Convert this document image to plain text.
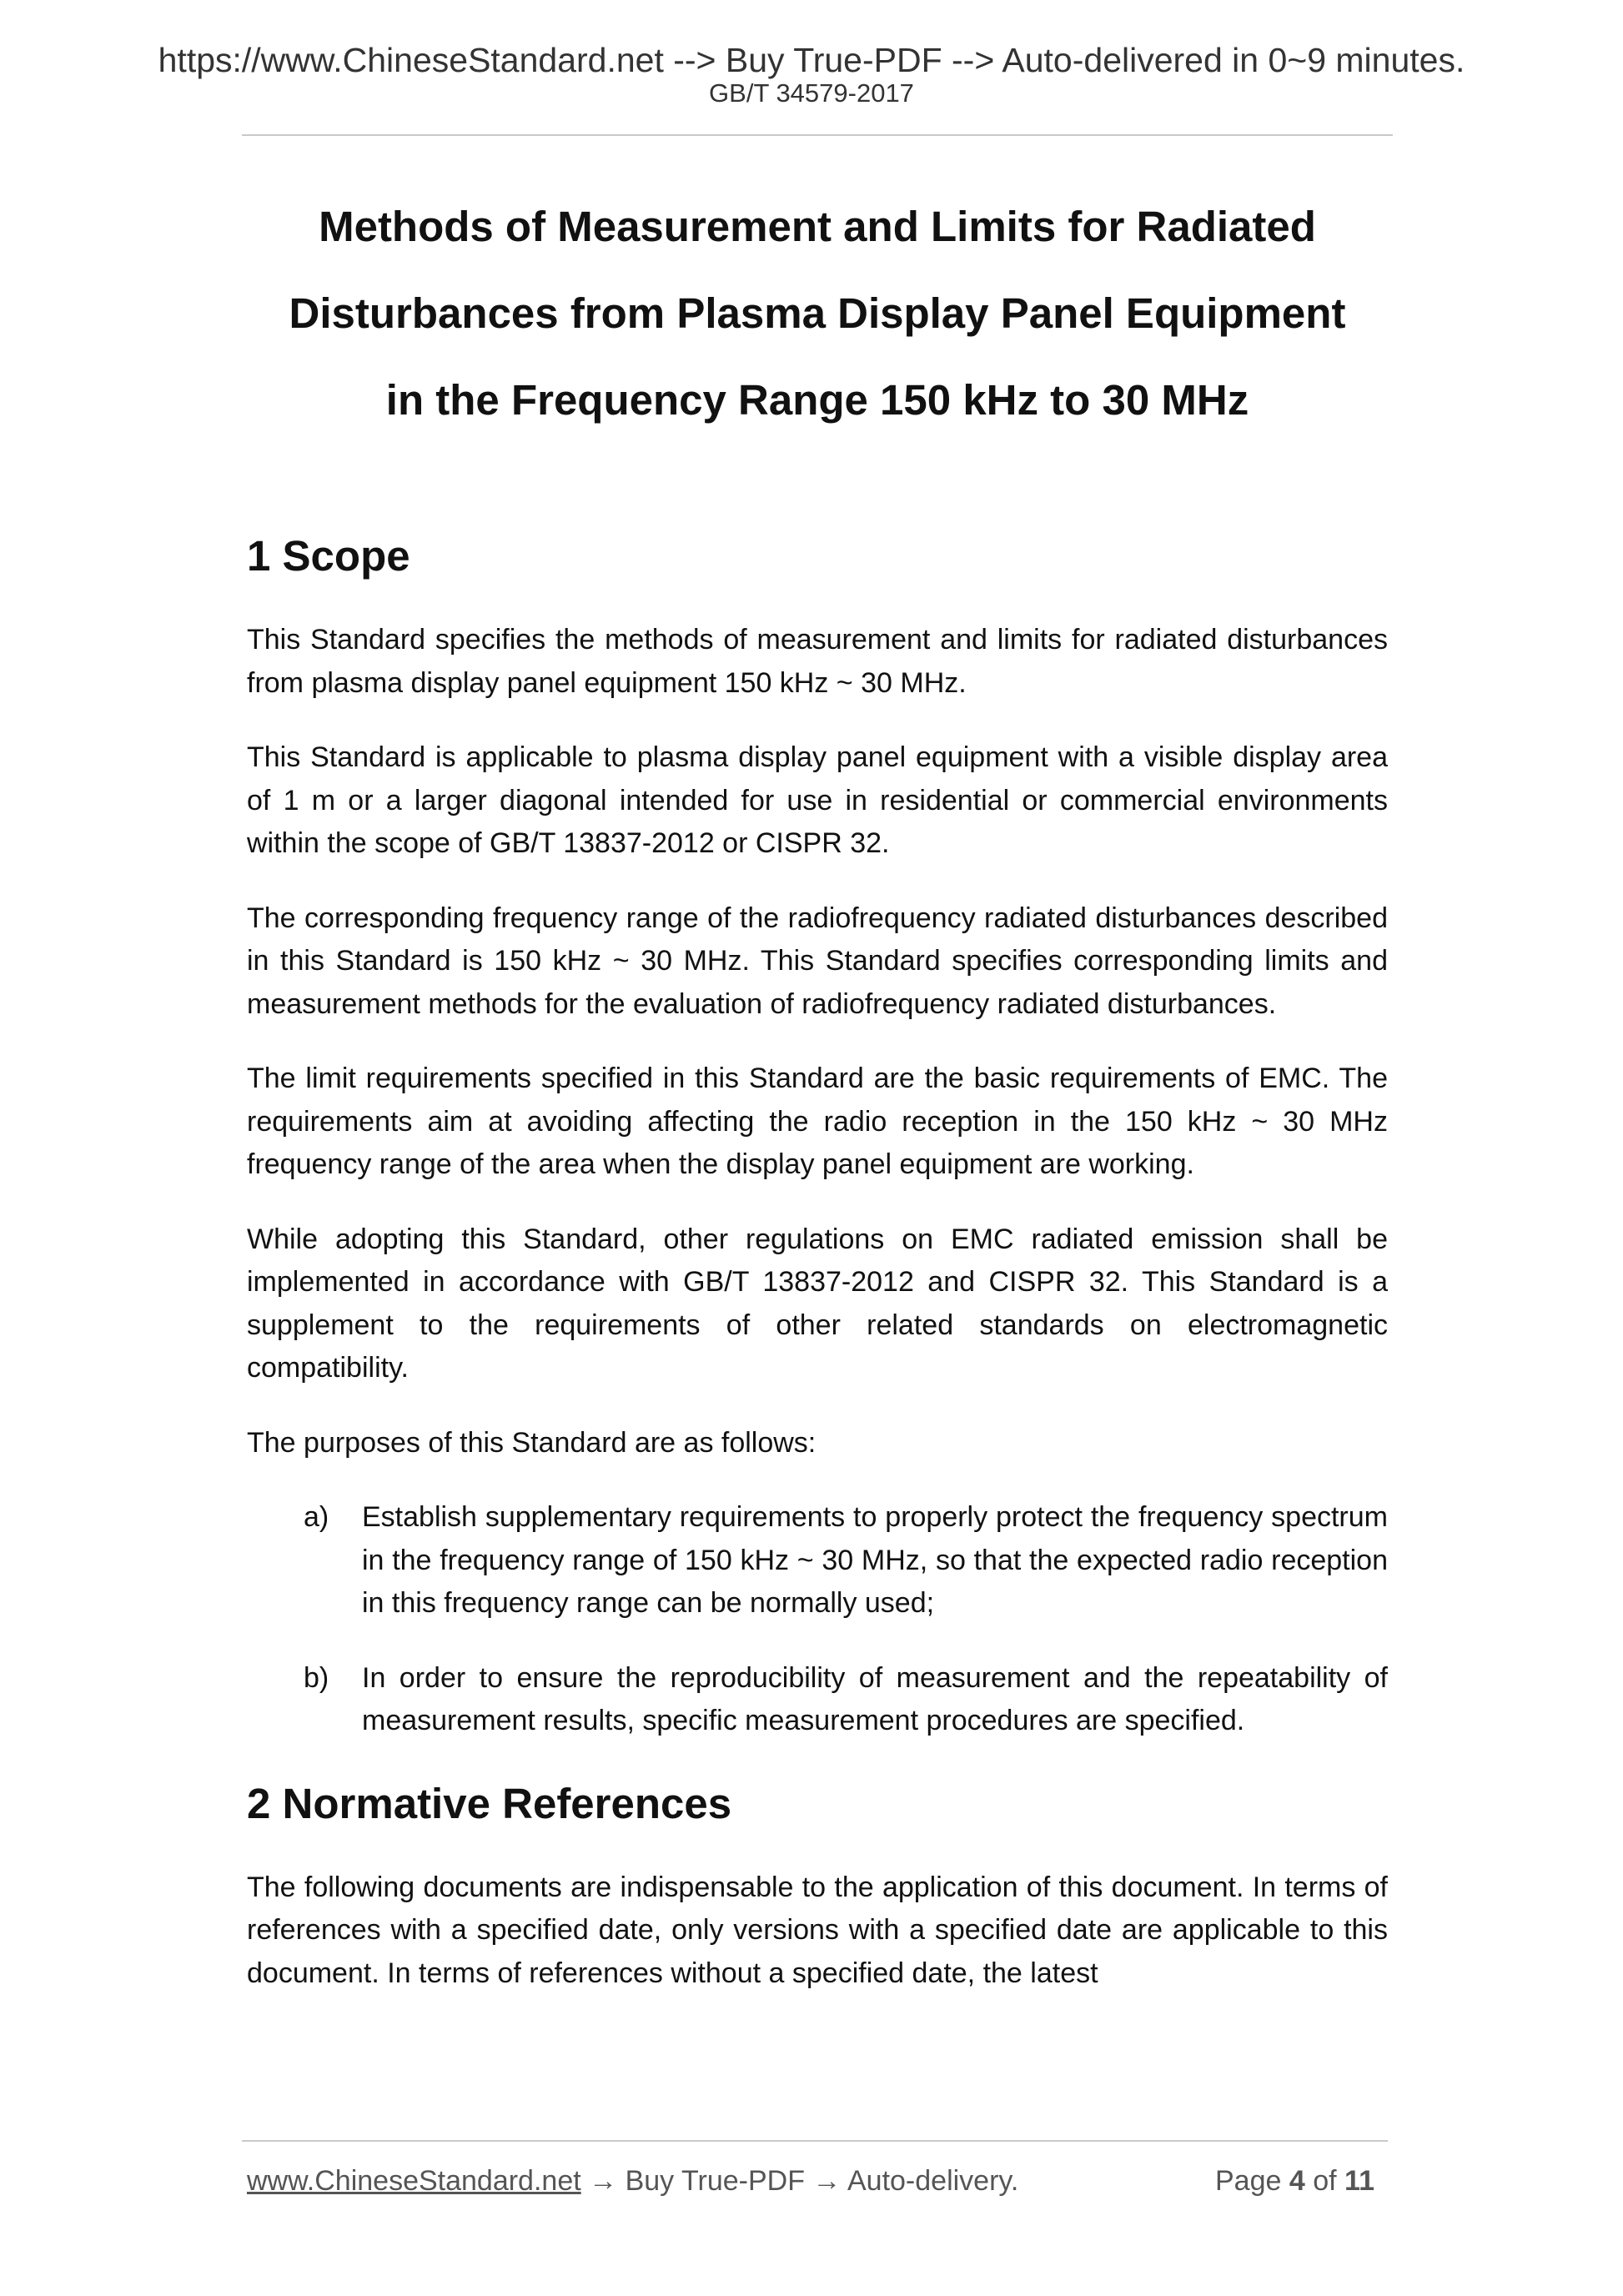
https://www.ChineseStandard.net --> Buy True-PDF --> Auto-delivered in 0~9 minutes.
GB/T 34579-2017
Methods of Measurement and Limits for Radiated
Disturbances from Plasma Display Panel Equipment
in the Frequency Range 150 kHz to 30 MHz
1 Scope

This Standard specifies the methods of measurement and limits for radiated disturbances from plasma display panel equipment 150 kHz ~ 30 MHz.

This Standard is applicable to plasma display panel equipment with a visible display area of 1 m or a larger diagonal intended for use in residential or commercial environments within the scope of GB/T 13837-2012 or CISPR 32.

The corresponding frequency range of the radiofrequency radiated disturbances described in this Standard is 150 kHz ~ 30 MHz. This Standard specifies corresponding limits and measurement methods for the evaluation of radiofrequency radiated disturbances.

The limit requirements specified in this Standard are the basic requirements of EMC. The requirements aim at avoiding affecting the radio reception in the 150 kHz ~ 30 MHz frequency range of the area when the display panel equipment are working.

While adopting this Standard, other regulations on EMC radiated emission shall be implemented in accordance with GB/T 13837-2012 and CISPR 32. This Standard is a supplement to the requirements of other related standards on electromagnetic compatibility.

The purposes of this Standard are as follows:

a)	Establish supplementary requirements to properly protect the frequency spectrum in the frequency range of 150 kHz ~ 30 MHz, so that the expected radio reception in this frequency range can be normally used;
b)	In order to ensure the reproducibility of measurement and the repeatability of measurement results, specific measurement procedures are specified.
2 Normative References

The following documents are indispensable to the application of this document. In terms of references with a specified date, only versions with a specified date are applicable to this document. In terms of references without a specified date, the latest

www.ChineseStandard.net → Buy True-PDF → Auto-delivery.	Page 4 of 11
